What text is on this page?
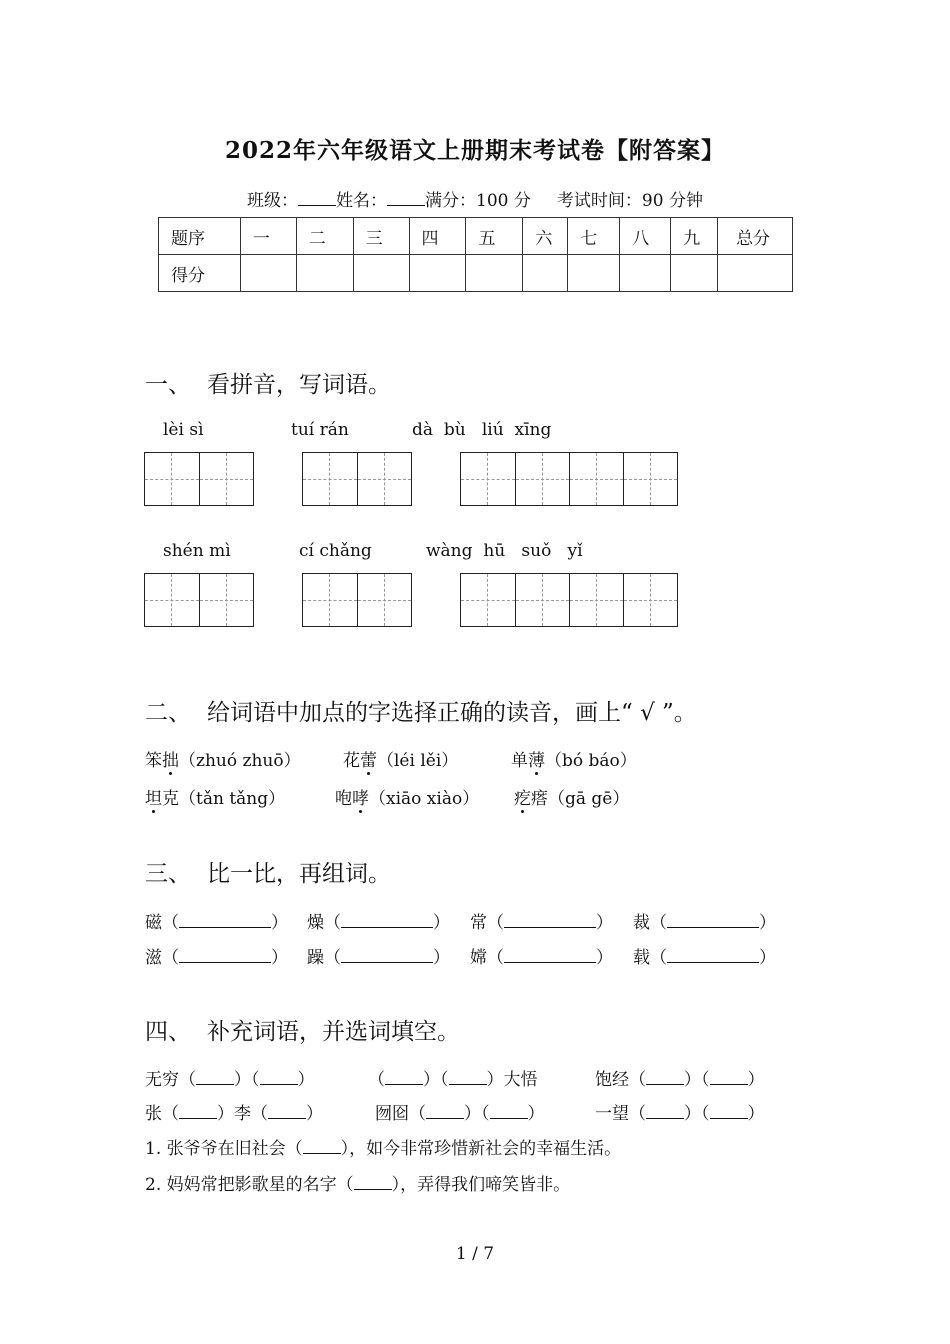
2022年六年级语文上册期末考试卷【附答案】
班级： 姓名： 满分：100 分 考试时间：90 分钟
题序	一	二	三	四	五	六	七	八	九	总分
得分										
一、 看拼音，写词语。
lèi sì	tuí rán	dà  bù   liú  xīng
shén mì	cí chǎng	wàng  hū   suǒ   yǐ
二、 给词语中加点的字选择正确的读音，画上“ √ ”。
笨拙（zhuó zhuō） 花蕾（léi lěi）	单薄（bó báo）
坦克（tǎn tǎng）	咆哮（xiāo xiào） 疙瘩（gā gē）
三、 比一比，再组词。
磁（	） 燥（	） 常（	） 裁（	）
滋（	） 躁（	） 嫦（	） 载（	）
四、 补充词语，并选词填空。
无穷（ ）（ ）	（ ）（ ）大悟	饱经（ ）（ ）
张（ ）李（ ）	囫囵（ ）（ ）	一望（ ）（ ）
1. 张爷爷在旧社会（ ），如今非常珍惜新社会的幸福生活。
2. 妈妈常把影歌星的名字（ ），弄得我们啼笑皆非。
1 / 7
